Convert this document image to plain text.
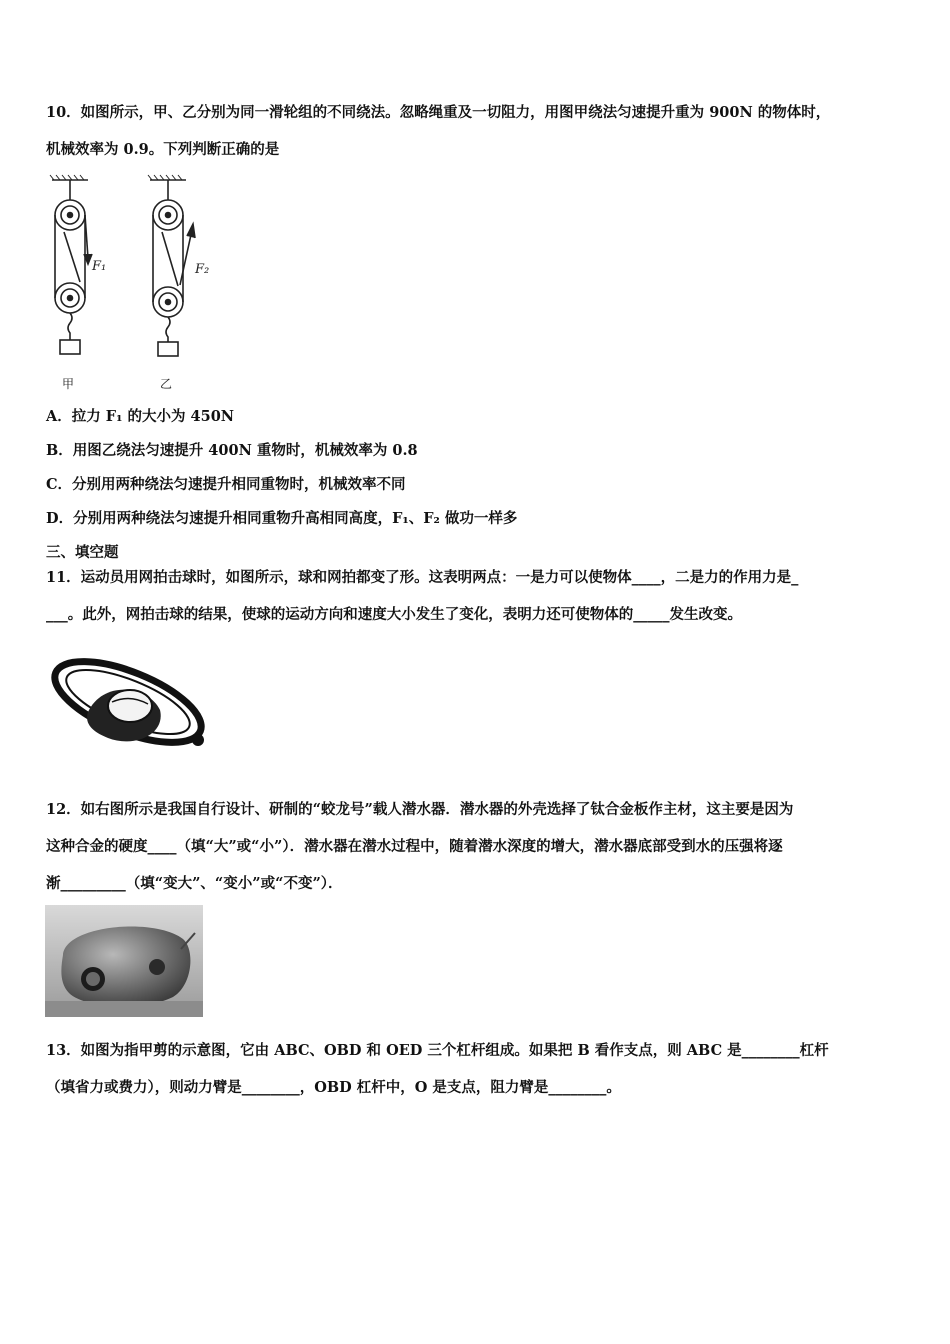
10．如图所示，甲、乙分别为同一滑轮组的不同绕法。忽略绳重及一切阻力，用图甲绕法匀速提升重为 900N 的物体时，
机械效率为 0.9。下列判断正确的是
F₁	F₂
甲	乙
A．拉力 F₁ 的大小为 450N
B．用图乙绕法匀速提升 400N 重物时，机械效率为 0.8
C．分别用两种绕法匀速提升相同重物时，机械效率不同
D．分别用两种绕法匀速提升相同重物升高相同高度，F₁、F₂ 做功一样多
三、填空题
11．运动员用网拍击球时，如图所示，球和网拍都变了形。这表明两点：一是力可以使物体____，二是力的作用力是_
___。此外，网拍击球的结果，使球的运动方向和速度大小发生了变化，表明力还可使物体的_____发生改变。
12．如右图所示是我国自行设计、研制的“蛟龙号”载人潜水器．潜水器的外壳选择了钛合金板作主材，这主要是因为
这种合金的硬度____（填“大”或“小”）．潜水器在潜水过程中，随着潜水深度的增大，潜水器底部受到水的压强将逐
渐_________（填“变大”、“变小”或“不变”）．
13．如图为指甲剪的示意图，它由 ABC、OBD 和 OED 三个杠杆组成。如果把 B 看作支点，则 ABC 是________杠杆
（填省力或费力），则动力臂是________，OBD 杠杆中，O 是支点，阻力臂是________。
